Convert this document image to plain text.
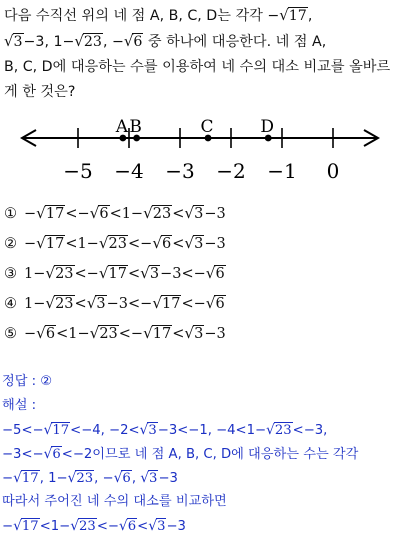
다음 수직선 위의 네 점 A, B, C, D는 각각 −√17,
√3−3, 1−√23, −√6 중 하나에 대응한다. 네 점 A,
B, C, D에 대응하는 수를 이용하여 네 수의 대소 비교를 올바르
게 한 것은?
−5 −4 −3 −2 −1 0
A B	C	D
① −√17<−√6<1−√23<√3−3
② −√17<1−√23<−√6<√3−3
③ 1−√23<−√17<√3−3<−√6
④ 1−√23<√3−3<−√17<−√6
⑤ −√6<1−√23<−√17<√3−3
정답 : ②
해설 :
−5<−√17<−4, −2<√3−3<−1, −4<1−√23<−3,
−3<−√6<−2이므로 네 점 A, B, C, D에 대응하는 수는 각각
−√17, 1−√23, −√6, √3−3
따라서 주어진 네 수의 대소를 비교하면
−√17<1−√23<−√6<√3−3
